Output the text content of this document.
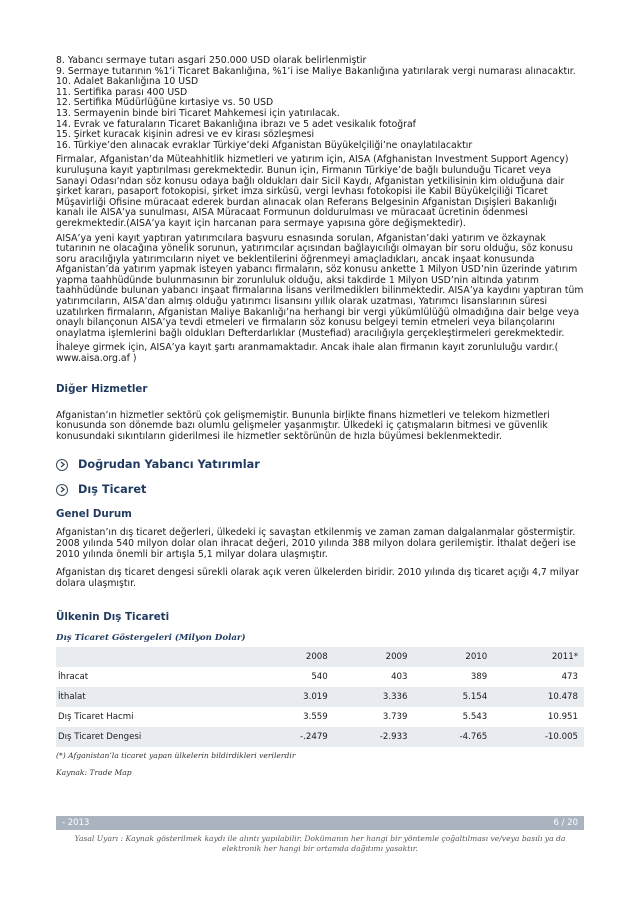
8. Yabancı sermaye tutarı asgari 250.000 USD olarak belirlenmiştir
9. Sermaye tutarının %1’i Ticaret Bakanlığına, %1’i ise Maliye Bakanlığına yatırılarak vergi numarası alınacaktır.
10. Adalet Bakanlığına 10 USD
11. Sertifika parası 400 USD
12. Sertifika Müdürlüğüne kırtasiye vs. 50 USD
13. Sermayenin binde biri Ticaret Mahkemesi için yatırılacak.
14. Evrak ve faturaların Ticaret Bakanlığına ibrazı ve 5 adet vesikalık fotoğraf
15. Şirket kuracak kişinin adresi ve ev kirası sözleşmesi
16. Türkiye’den alınacak evraklar Türkiye’deki Afganistan Büyükelçiliği’ne onaylatılacaktır

Firmalar, Afganistan’da Müteahhitlik hizmetleri ve yatırım için, AISA (Afghanistan Investment Support Agency) kuruluşuna kayıt yaptırılması gerekmektedir. Bunun için, Firmanın Türkiye’de bağlı bulunduğu Ticaret veya Sanayi Odası’ndan söz konusu odaya bağlı oldukları dair Sicil Kaydı, Afganistan yetkilisinin kim olduğuna dair şirket kararı, pasaport fotokopisi, şirket imza sirküsü, vergi levhası fotokopisi ile Kabil Büyükelçiliği Ticaret Müşavirliği Ofisine müracaat ederek burdan alınacak olan Referans Belgesinin Afganistan Dışişleri Bakanlığı kanalı ile AISA’ya sunulması, AISA Müracaat Formunun doldurulması ve müracaat ücretinin ödenmesi gerekmektedir.(AISA’ya kayıt için harcanan para sermaye yapısına göre değişmektedir).

AISA’ya yeni kayıt yaptıran yatırımcılara başvuru esnasında sorulan, Afganistan’daki yatırım ve özkaynak tutarının ne olacağına yönelik sorunun, yatırımcılar açısından bağlayıcılığı olmayan bir soru olduğu, söz konusu soru aracılığıyla yatırımcıların niyet ve beklentilerini öğrenmeyi amaçladıkları, ancak inşaat konusunda Afganistan’da yatırım yapmak isteyen yabancı firmaların, söz konusu ankette 1 Milyon USD’nin üzerinde yatırım yapma taahhüdünde bulunmasının bir zorunluluk olduğu, aksi takdirde 1 Milyon USD’nin altında yatırım taahhüdünde bulunan yabancı inşaat firmalarına lisans verilmediklerı bilinmektedir. AISA’ya kaydını yaptıran tüm yatırımcıların, AISA’dan almış olduğu yatırımcı lisansını yıllık olarak uzatması, Yatırımcı lisanslarının süresi uzatılırken firmaların, Afganistan Maliye Bakanlığı’na herhangi bir vergi yükümlülüğü olmadığına dair belge veya onaylı bilançonun AISA’ya tevdi etmeleri ve firmaların söz konusu belgeyi temin etmeleri veya bilançolarını onaylatma işlemlerini bağlı oldukları Defterdarlıklar (Mustefiad) aracılığıyla gerçekleştirmeleri gerekmektedir.

İhaleye girmek için, AISA’ya kayıt şartı aranmamaktadır. Ancak ihale alan firmanın kayıt zorunluluğu vardır.( www.aisa.org.af )

Diğer Hizmetler

Afganistan’ın hizmetler sektörü çok gelişmemiştir. Bununla birlikte finans hizmetleri ve telekom hizmetleri konusunda son dönemde bazı olumlu gelişmeler yaşanmıştır. Ülkedeki iç çatışmaların bitmesi ve güvenlik konusundaki sıkıntıların giderilmesi ile hizmetler sektörünün de hızla büyümesi beklenmektedir.

Doğrudan Yabancı Yatırımlar
Dış Ticaret
Genel Durum

Afganistan’ın dış ticaret değerleri, ülkedeki iç savaştan etkilenmiş ve zaman zaman dalgalanmalar göstermiştir. 2008 yılında 540 milyon dolar olan ihracat değeri, 2010 yılında 388 milyon dolara gerilemiştir. İthalat değeri ise 2010 yılında önemli bir artışla 5,1 milyar dolara ulaşmıştır.

Afganistan dış ticaret dengesi sürekli olarak açık veren ülkelerden biridir. 2010 yılında dış ticaret açığı 4,7 milyar dolara ulaşmıştır.

Ülkenin Dış Ticareti
Dış Ticaret Göstergeleri (Milyon Dolar)
	2008	2009	2010	2011*
İhracat	540	403	389	473
İthalat	3.019	3.336	5.154	10.478
Dış Ticaret Hacmi	3.559	3.739	5.543	10.951
Dış Ticaret Dengesi	-.2479	-2.933	-4.765	-10.005
(*) Afganistan’la ticaret yapan ülkelerin bildirdikleri verilerdir
Kaynak: Trade Map
- 2013	6 / 20
Yasal Uyarı : Kaynak gösterilmek kaydı ile alıntı yapılabilir. Dokümanın her hangi bir yöntemle çoğaltılması ve/veya basılı ya da elektronik her hangi bir ortamda dağıtımı yasaktır.
